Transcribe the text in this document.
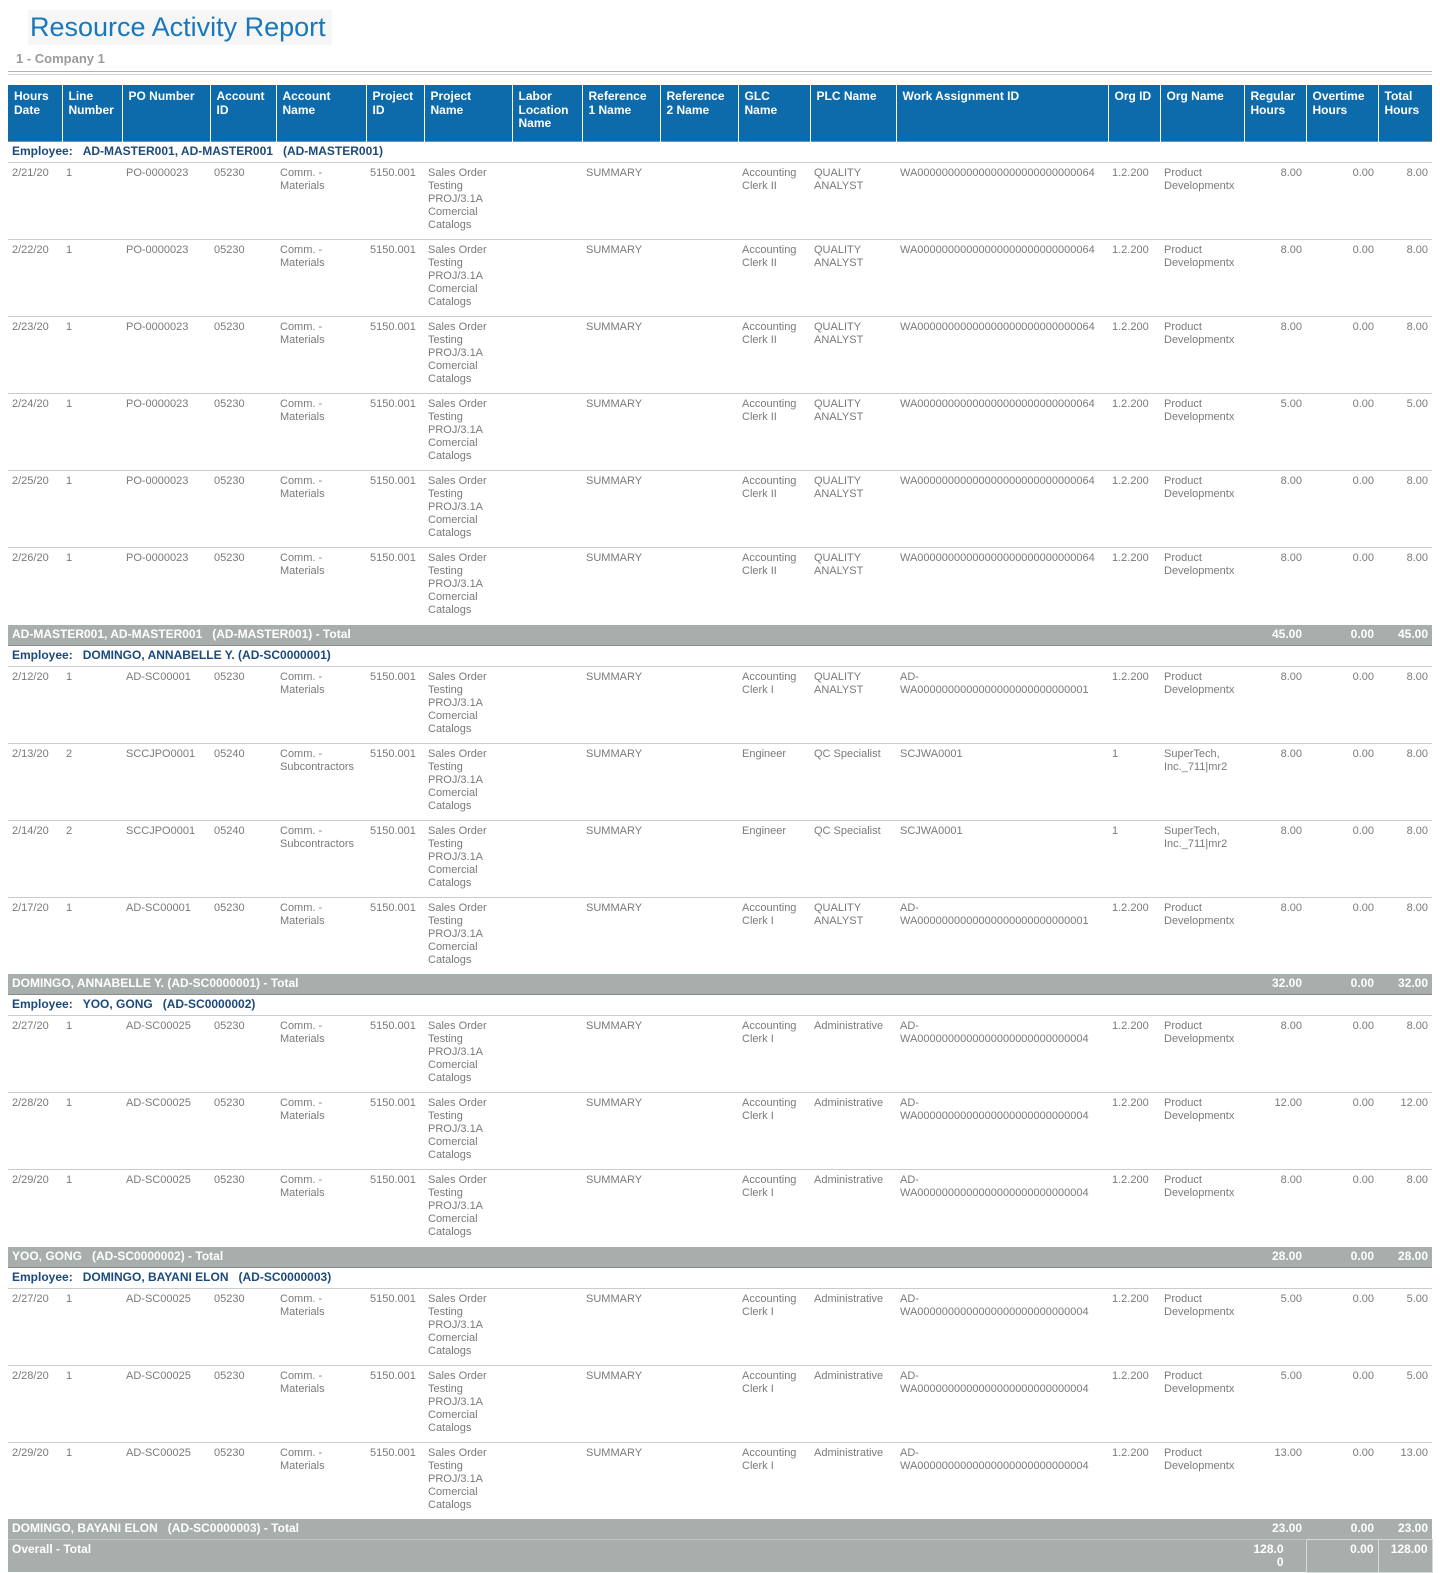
Resource Activity Report
1 - Company 1
Hours Date	Line Number	PO Number	Account ID	Account Name	Project ID	Project Name	Labor Location Name	Reference 1 Name	Reference 2 Name	GLC Name	PLC Name	Work Assignment ID	Org ID	Org Name	Regular Hours	Overtime Hours	Total Hours
Employee: AD-MASTER001, AD-MASTER001   (AD-MASTER001)																	
2/21/20	1	PO-0000023	05230	Comm. - Materials	5150.001	Sales Order Testing PROJ/3.1A Comercial Catalogs		SUMMARY		Accounting Clerk II	QUALITY ANALYST	WA00000000000000000000000000064	1.2.200	Product Developmentx	8.00	0.00	8.00
2/22/20	1	PO-0000023	05230	Comm. - Materials	5150.001	Sales Order Testing PROJ/3.1A Comercial Catalogs		SUMMARY		Accounting Clerk II	QUALITY ANALYST	WA00000000000000000000000000064	1.2.200	Product Developmentx	8.00	0.00	8.00
2/23/20	1	PO-0000023	05230	Comm. - Materials	5150.001	Sales Order Testing PROJ/3.1A Comercial Catalogs		SUMMARY		Accounting Clerk II	QUALITY ANALYST	WA00000000000000000000000000064	1.2.200	Product Developmentx	8.00	0.00	8.00
2/24/20	1	PO-0000023	05230	Comm. - Materials	5150.001	Sales Order Testing PROJ/3.1A Comercial Catalogs		SUMMARY		Accounting Clerk II	QUALITY ANALYST	WA00000000000000000000000000064	1.2.200	Product Developmentx	5.00	0.00	5.00
2/25/20	1	PO-0000023	05230	Comm. - Materials	5150.001	Sales Order Testing PROJ/3.1A Comercial Catalogs		SUMMARY		Accounting Clerk II	QUALITY ANALYST	WA00000000000000000000000000064	1.2.200	Product Developmentx	8.00	0.00	8.00
2/26/20	1	PO-0000023	05230	Comm. - Materials	5150.001	Sales Order Testing PROJ/3.1A Comercial Catalogs		SUMMARY		Accounting Clerk II	QUALITY ANALYST	WA00000000000000000000000000064	1.2.200	Product Developmentx	8.00	0.00	8.00
AD-MASTER001, AD-MASTER001   (AD-MASTER001) - Total															45.00	0.00	45.00
Employee: DOMINGO, ANNABELLE Y. (AD-SC0000001)																	
2/12/20	1	AD-SC00001	05230	Comm. - Materials	5150.001	Sales Order Testing PROJ/3.1A Comercial Catalogs		SUMMARY		Accounting Clerk I	QUALITY ANALYST	AD-WA0000000000000000000000000001	1.2.200	Product Developmentx	8.00	0.00	8.00
2/13/20	2	SCCJPO0001	05240	Comm. - Subcontractors	5150.001	Sales Order Testing PROJ/3.1A Comercial Catalogs		SUMMARY		Engineer	QC Specialist	SCJWA0001	1	SuperTech, Inc._711|mr2	8.00	0.00	8.00
2/14/20	2	SCCJPO0001	05240	Comm. - Subcontractors	5150.001	Sales Order Testing PROJ/3.1A Comercial Catalogs		SUMMARY		Engineer	QC Specialist	SCJWA0001	1	SuperTech, Inc._711|mr2	8.00	0.00	8.00
2/17/20	1	AD-SC00001	05230	Comm. - Materials	5150.001	Sales Order Testing PROJ/3.1A Comercial Catalogs		SUMMARY		Accounting Clerk I	QUALITY ANALYST	AD-WA0000000000000000000000000001	1.2.200	Product Developmentx	8.00	0.00	8.00
DOMINGO, ANNABELLE Y. (AD-SC0000001) - Total															32.00	0.00	32.00
Employee: YOO, GONG   (AD-SC0000002)																	
2/27/20	1	AD-SC00025	05230	Comm. - Materials	5150.001	Sales Order Testing PROJ/3.1A Comercial Catalogs		SUMMARY		Accounting Clerk I	Administrative	AD-WA0000000000000000000000000004	1.2.200	Product Developmentx	8.00	0.00	8.00
2/28/20	1	AD-SC00025	05230	Comm. - Materials	5150.001	Sales Order Testing PROJ/3.1A Comercial Catalogs		SUMMARY		Accounting Clerk I	Administrative	AD-WA0000000000000000000000000004	1.2.200	Product Developmentx	12.00	0.00	12.00
2/29/20	1	AD-SC00025	05230	Comm. - Materials	5150.001	Sales Order Testing PROJ/3.1A Comercial Catalogs		SUMMARY		Accounting Clerk I	Administrative	AD-WA0000000000000000000000000004	1.2.200	Product Developmentx	8.00	0.00	8.00
YOO, GONG   (AD-SC0000002) - Total															28.00	0.00	28.00
Employee: DOMINGO, BAYANI ELON   (AD-SC0000003)																	
2/27/20	1	AD-SC00025	05230	Comm. - Materials	5150.001	Sales Order Testing PROJ/3.1A Comercial Catalogs		SUMMARY		Accounting Clerk I	Administrative	AD-WA0000000000000000000000000004	1.2.200	Product Developmentx	5.00	0.00	5.00
2/28/20	1	AD-SC00025	05230	Comm. - Materials	5150.001	Sales Order Testing PROJ/3.1A Comercial Catalogs		SUMMARY		Accounting Clerk I	Administrative	AD-WA0000000000000000000000000004	1.2.200	Product Developmentx	5.00	0.00	5.00
2/29/20	1	AD-SC00025	05230	Comm. - Materials	5150.001	Sales Order Testing PROJ/3.1A Comercial Catalogs		SUMMARY		Accounting Clerk I	Administrative	AD-WA0000000000000000000000000004	1.2.200	Product Developmentx	13.00	0.00	13.00
DOMINGO, BAYANI ELON   (AD-SC0000003) - Total															23.00	0.00	23.00
Overall - Total															128.00	0.00	128.00
